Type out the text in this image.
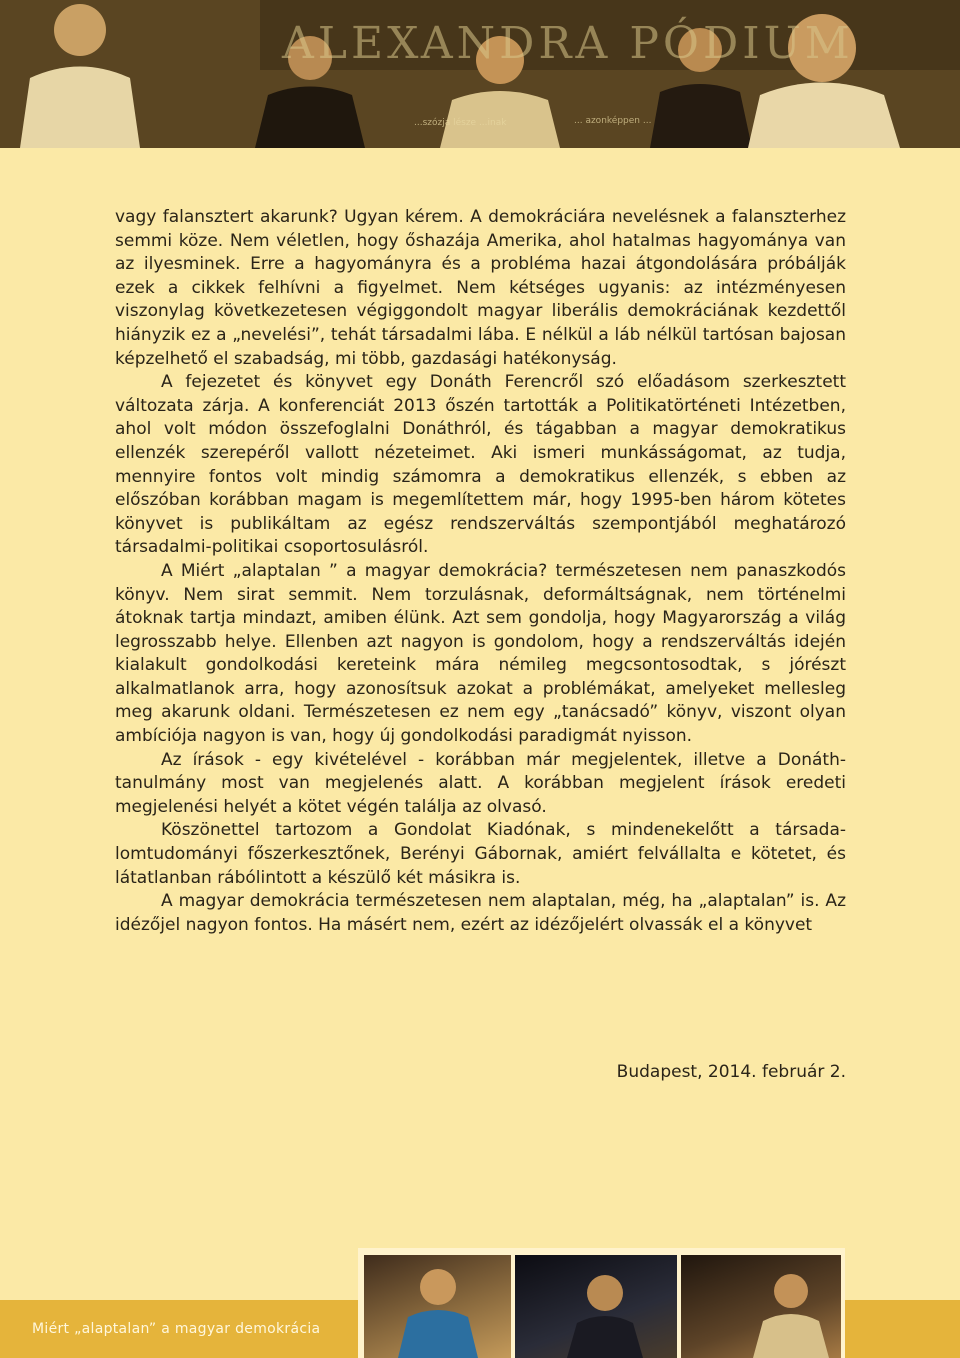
ALEXANDRA PÓDIUM
...szózja lésze ...inak	... azonképpen ...

vagy falansztert akarunk? Ugyan kérem. A demokráciára nevelésnek a falanszterhez semmi köze. Nem véletlen, hogy őshazája Amerika, ahol hatalmas hagyománya van az ilyesminek. Erre a hagyományra és a probléma hazai átgondolására próbálják ezek a cikkek felhívni a figyelmet. Nem kétséges ugyanis: az intézményesen viszonylag következetesen végiggondolt magyar liberális demokráciának kezdettől hiányzik ez a „nevelési”, tehát társadalmi lába. E nélkül a láb nélkül tartósan bajosan képzelhető el szabadság, mi több, gazdasági hatékonyság.

A fejezetet és könyvet egy Donáth Ferencről szó előadásom szerkesztett változata zárja. A konferenciát 2013 őszén tartották a Politikatörténeti Intézetben, ahol volt módon összefoglalni Donáthról, és tágabban a magyar demokratikus ellenzék szerepéről vallott nézeteimet. Aki ismeri munkásságomat, az tudja, mennyire fontos volt mindig számomra a demokratikus ellenzék, s ebben az előszóban korábban magam is megemlítettem már, hogy 1995-ben három kötetes könyvet is publikáltam az egész rendszerváltás szempontjából meghatározó társadalmi-politikai csoportosulásról.

A Miért „alaptalan ” a magyar demokrácia? természetesen nem panaszkodós könyv. Nem sirat semmit. Nem torzulásnak, deformáltságnak, nem történelmi átoknak tartja mindazt, amiben élünk. Azt sem gondolja, hogy Magyarország a világ legrosszabb helye. Ellenben azt nagyon is gondolom, hogy a rendszerváltás idején kialakult gondolkodási kereteink mára némileg megcsontosodtak, s jórészt alkalmatlanok arra, hogy azonosítsuk azokat a problémákat, amelyeket mellesleg meg akarunk oldani. Természetesen ez nem egy „tanácsadó” könyv, viszont olyan ambíciója nagyon is van, hogy új gondolkodási paradigmát nyisson.

Az írások - egy kivételével - korábban már megjelentek, illetve a Donáthtanulmány most van megjelenés alatt. A korábban megjelent írások eredeti megjelenési helyét a kötet végén találja az olvasó.

Köszönettel tartozom a Gondolat Kiadónak, s mindenekelőtt a társadalomtudományi főszerkesztőnek, Berényi Gábornak, amiért felvállalta e kötetet, és látatlanban rábólintott a készülő két másikra is.

A magyar demokrácia természetesen nem alaptalan, még, ha „alaptalan” is. Az idézőjel nagyon fontos. Ha másért nem, ezért az idézőjelért olvassák el a könyvet

Budapest, 2014. február 2.
Miért „alaptalan” a magyar demokrácia
